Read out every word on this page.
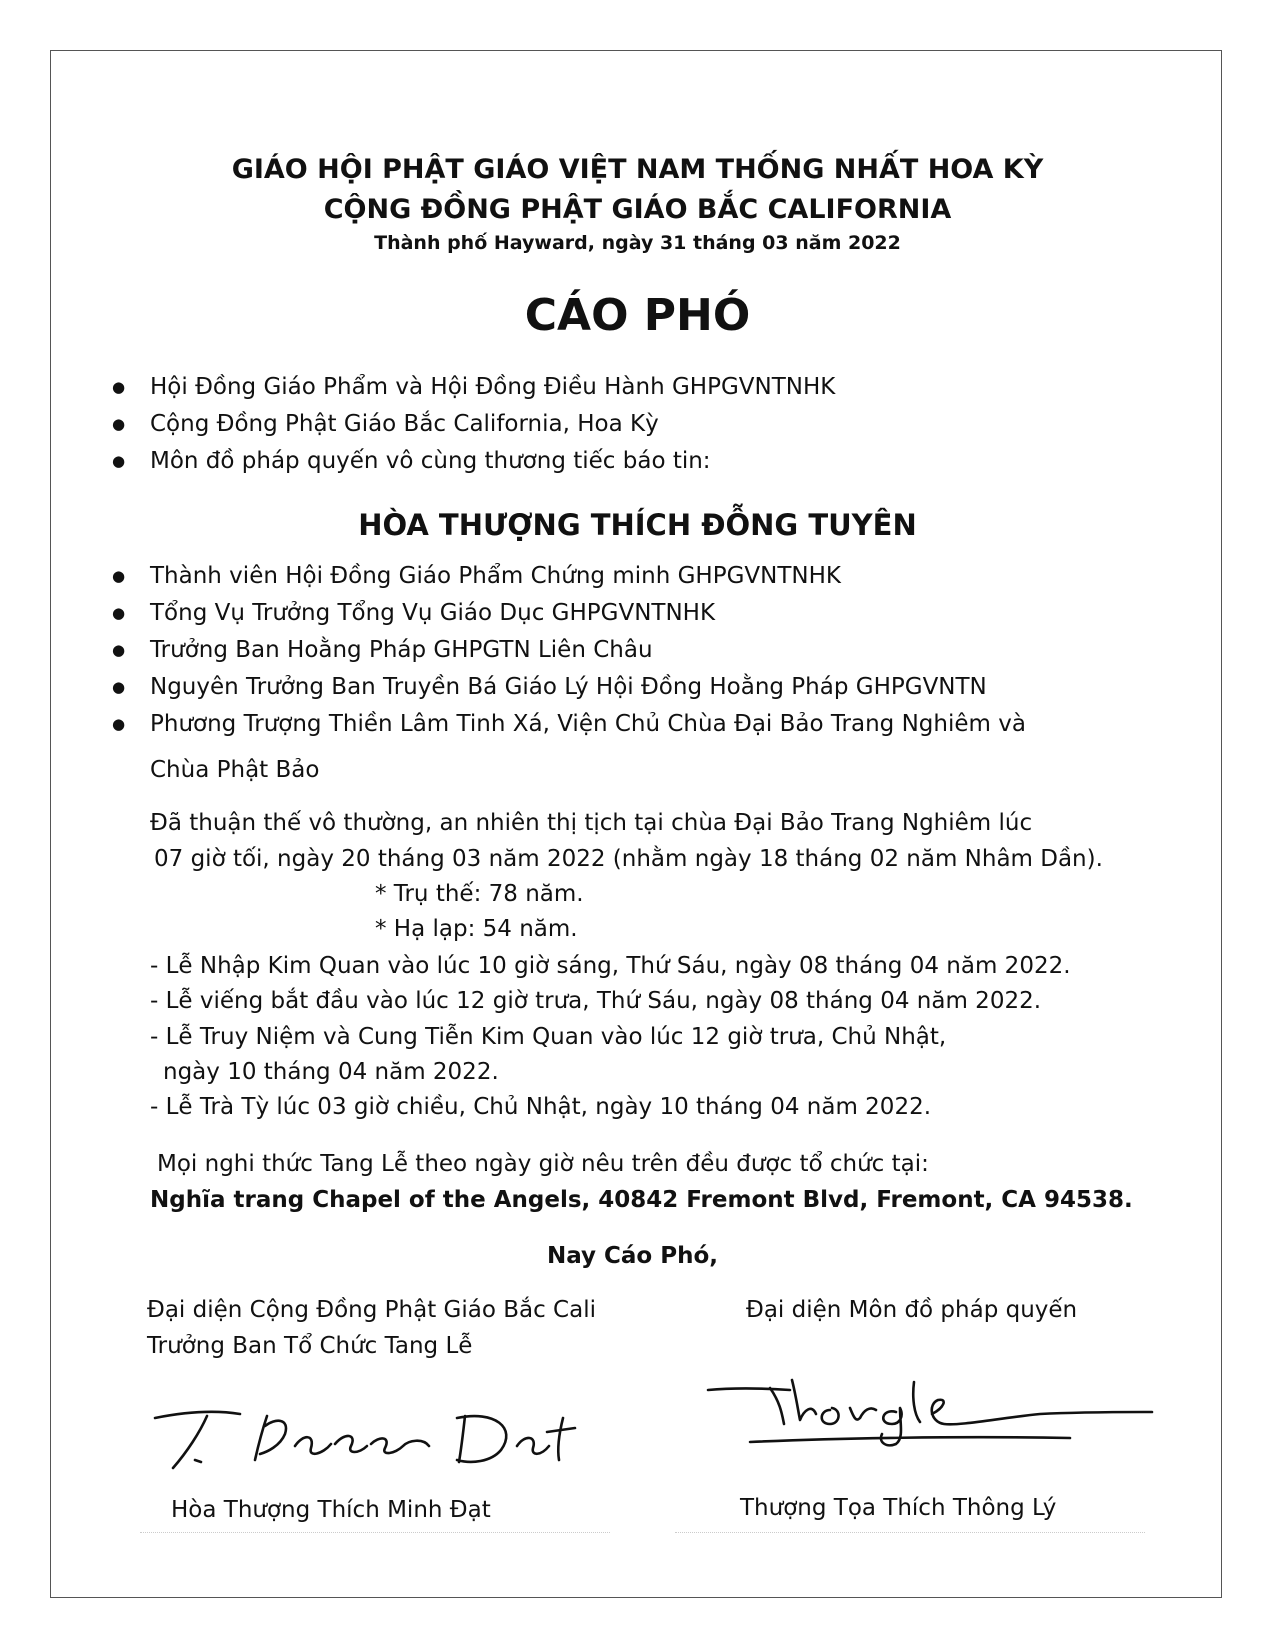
GIÁO HỘI PHẬT GIÁO VIỆT NAM THỐNG NHẤT HOA KỲ
CỘNG ĐỒNG PHẬT GIÁO BẮC CALIFORNIA
Thành phố Hayward, ngày 31 tháng 03 năm 2022
CÁO PHÓ
● Hội Đồng Giáo Phẩm và Hội Đồng Điều Hành GHPGVNTNHK
● Cộng Đồng Phật Giáo Bắc California, Hoa Kỳ
● Môn đồ pháp quyến vô cùng thương tiếc báo tin:
HÒA THƯỢNG THÍCH ĐỖNG TUYÊN
● Thành viên Hội Đồng Giáo Phẩm Chứng minh GHPGVNTNHK
● Tổng Vụ Trưởng Tổng Vụ Giáo Dục GHPGVNTNHK
● Trưởng Ban Hoằng Pháp GHPGTN Liên Châu
● Nguyên Trưởng Ban Truyền Bá Giáo Lý Hội Đồng Hoằng Pháp GHPGVNTN
● Phương Trượng Thiền Lâm Tinh Xá, Viện Chủ Chùa Đại Bảo Trang Nghiêm và
Chùa Phật Bảo
Đã thuận thế vô thường, an nhiên thị tịch tại chùa Đại Bảo Trang Nghiêm lúc
07 giờ tối, ngày 20 tháng 03 năm 2022 (nhằm ngày 18 tháng 02 năm Nhâm Dần).
* Trụ thế: 78 năm.
* Hạ lạp: 54 năm.
- Lễ Nhập Kim Quan vào lúc 10 giờ sáng, Thứ Sáu, ngày 08 tháng 04 năm 2022.
- Lễ viếng bắt đầu vào lúc 12 giờ trưa, Thứ Sáu, ngày 08 tháng 04 năm 2022.
- Lễ Truy Niệm và Cung Tiễn Kim Quan vào lúc 12 giờ trưa, Chủ Nhật,
ngày 10 tháng 04 năm 2022.
- Lễ Trà Tỳ lúc 03 giờ chiều, Chủ Nhật, ngày 10 tháng 04 năm 2022.
Mọi nghi thức Tang Lễ theo ngày giờ nêu trên đều được tổ chức tại:
Nghĩa trang Chapel of the Angels, 40842 Fremont Blvd, Fremont, CA 94538.
Nay Cáo Phó,
Đại diện Cộng Đồng Phật Giáo Bắc Cali
Trưởng Ban Tổ Chức Tang Lễ
Đại diện Môn đồ pháp quyến
Hòa Thượng Thích Minh Đạt	Thượng Tọa Thích Thông Lý
